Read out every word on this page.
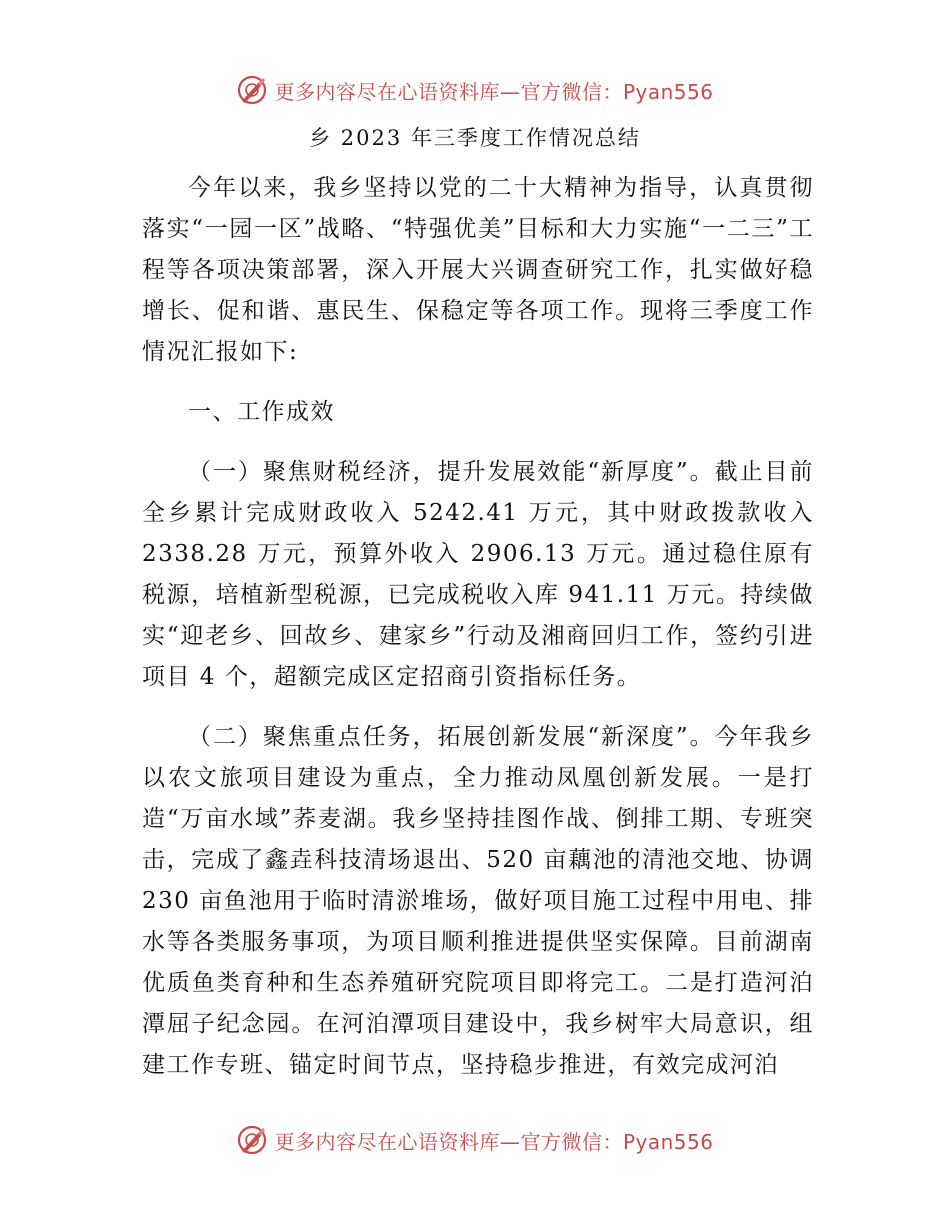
更多内容尽在心语资料库—官方微信：Pyan556
乡 2023 年三季度工作情况总结

今年以来，我乡坚持以党的二十大精神为指导，认真贯彻落实“一园一区”战略、“特强优美”目标和大力实施“一二三”工程等各项决策部署，深入开展大兴调查研究工作，扎实做好稳增长、促和谐、惠民生、保稳定等各项工作。现将三季度工作情况汇报如下:

一、工作成效

（一）聚焦财税经济，提升发展效能“新厚度”。截止目前全乡累计完成财政收入 5242.41 万元，其中财政拨款收入 2338.28 万元，预算外收入 2906.13 万元。通过稳住原有税源，培植新型税源，已完成税收入库 941.11 万元。持续做实“迎老乡、回故乡、建家乡”行动及湘商回归工作，签约引进项目 4 个，超额完成区定招商引资指标任务。

（二）聚焦重点任务，拓展创新发展“新深度”。今年我乡以农文旅项目建设为重点，全力推动凤凰创新发展。一是打造“万亩水域”荞麦湖。我乡坚持挂图作战、倒排工期、专班突击，完成了鑫垚科技清场退出、520 亩藕池的清池交地、协调 230 亩鱼池用于临时清淤堆场，做好项目施工过程中用电、排水等各类服务事项，为项目顺利推进提供坚实保障。目前湖南优质鱼类育种和生态养殖研究院项目即将完工。二是打造河泊潭屈子纪念园。在河泊潭项目建设中，我乡树牢大局意识，组建工作专班、锚定时间节点，坚持稳步推进，有效完成河泊

更多内容尽在心语资料库—官方微信：Pyan556
